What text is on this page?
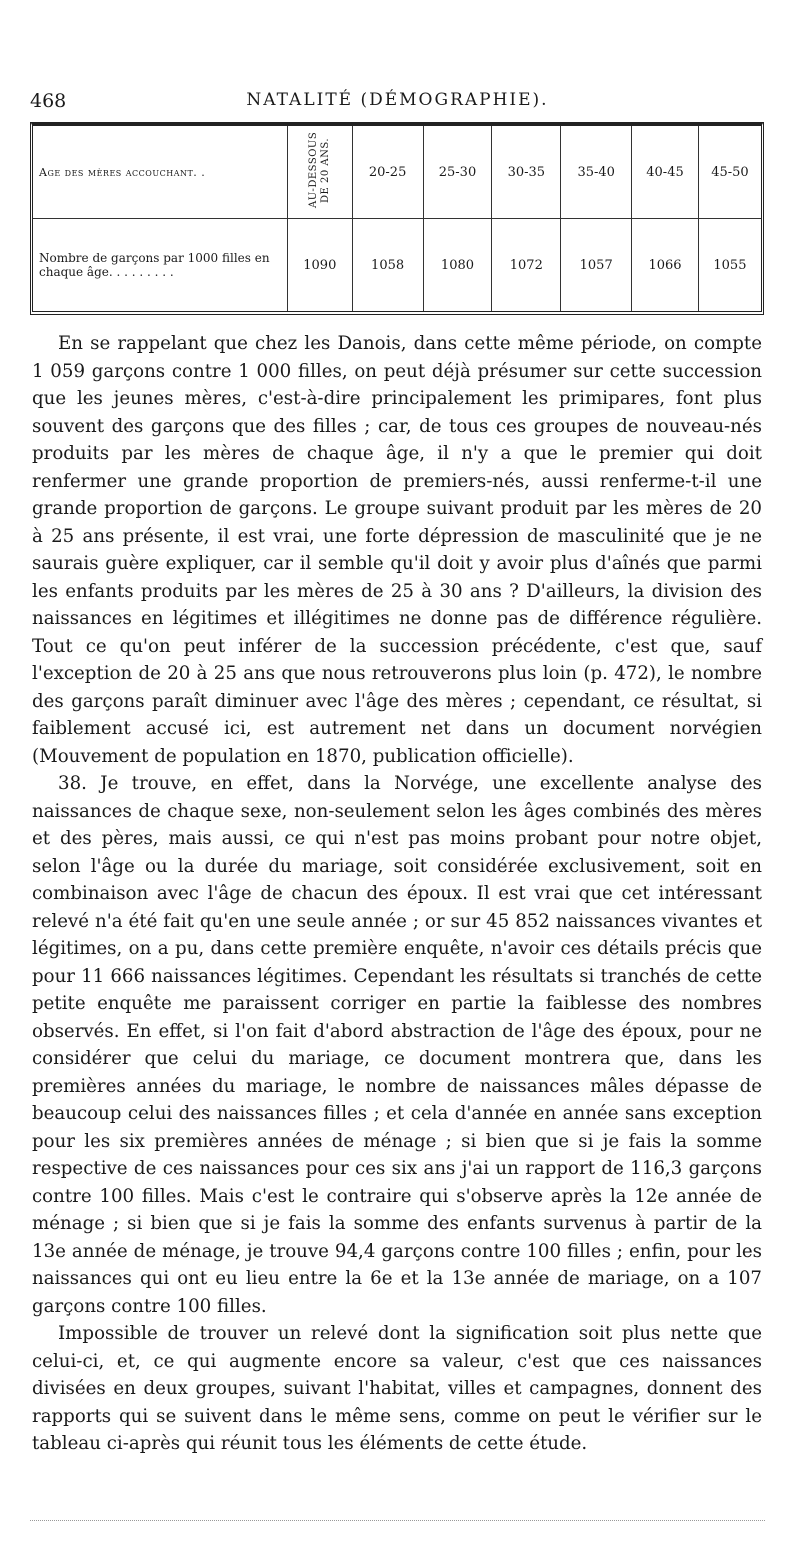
468	NATALITÉ (DÉMOGRAPHIE).
Age des mères accouchant. .	AU-DESSOUS DE 20 ANS.	20-25	25-30	30-35	35-40	40-45	45-50
Nombre de garçons par 1000 filles en chaque âge. . . . . . . . .	1090	1058	1080	1072	1057	1066	1055

En se rappelant que chez les Danois, dans cette même période, on compte 1 059 garçons contre 1 000 filles, on peut déjà présumer sur cette succession que les jeunes mères, c'est-à-dire principalement les primipares, font plus souvent des garçons que des filles ; car, de tous ces groupes de nouveau-nés produits par les mères de chaque âge, il n'y a que le premier qui doit renfermer une grande proportion de premiers-nés, aussi renferme-t-il une grande proportion de garçons. Le groupe suivant produit par les mères de 20 à 25 ans présente, il est vrai, une forte dépression de masculinité que je ne saurais guère expliquer, car il semble qu'il doit y avoir plus d'aînés que parmi les enfants produits par les mères de 25 à 30 ans ? D'ailleurs, la division des naissances en légitimes et illégitimes ne donne pas de différence régulière. Tout ce qu'on peut inférer de la succession précédente, c'est que, sauf l'exception de 20 à 25 ans que nous retrouverons plus loin (p. 472), le nombre des garçons paraît diminuer avec l'âge des mères ; cependant, ce résultat, si faiblement accusé ici, est autrement net dans un document norvégien (Mouvement de population en 1870, publication officielle).

38. Je trouve, en effet, dans la Norvége, une excellente analyse des naissances de chaque sexe, non-seulement selon les âges combinés des mères et des pères, mais aussi, ce qui n'est pas moins probant pour notre objet, selon l'âge ou la durée du mariage, soit considérée exclusivement, soit en combinaison avec l'âge de chacun des époux. Il est vrai que cet intéressant relevé n'a été fait qu'en une seule année ; or sur 45 852 naissances vivantes et légitimes, on a pu, dans cette première enquête, n'avoir ces détails précis que pour 11 666 naissances légitimes. Cependant les résultats si tranchés de cette petite enquête me paraissent corriger en partie la faiblesse des nombres observés. En effet, si l'on fait d'abord abstraction de l'âge des époux, pour ne considérer que celui du mariage, ce document montrera que, dans les premières années du mariage, le nombre de naissances mâles dépasse de beaucoup celui des naissances filles ; et cela d'année en année sans exception pour les six premières années de ménage ; si bien que si je fais la somme respective de ces naissances pour ces six ans j'ai un rapport de 116,3 garçons contre 100 filles. Mais c'est le contraire qui s'observe après la 12e année de ménage ; si bien que si je fais la somme des enfants survenus à partir de la 13e année de ménage, je trouve 94,4 garçons contre 100 filles ; enfin, pour les naissances qui ont eu lieu entre la 6e et la 13e année de mariage, on a 107 garçons contre 100 filles.

Impossible de trouver un relevé dont la signification soit plus nette que celui-ci, et, ce qui augmente encore sa valeur, c'est que ces naissances divisées en deux groupes, suivant l'habitat, villes et campagnes, donnent des rapports qui se suivent dans le même sens, comme on peut le vérifier sur le tableau ci-après qui réunit tous les éléments de cette étude.
